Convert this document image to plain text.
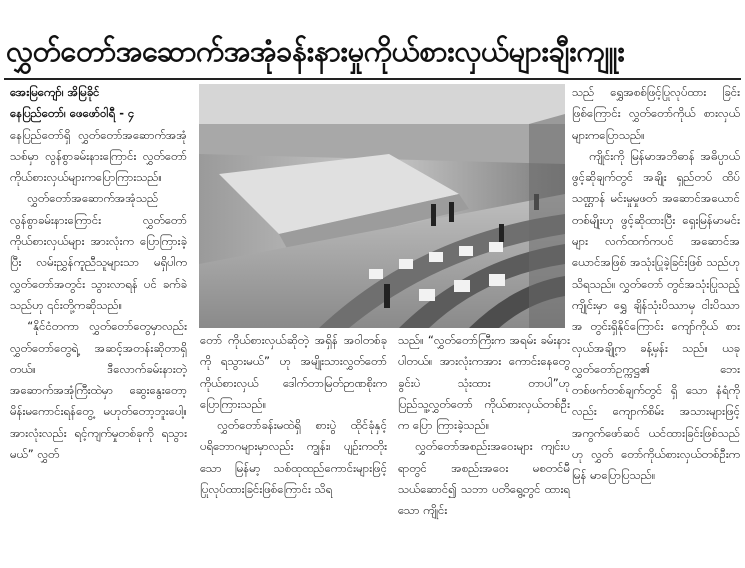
လွှတ်တော်အဆောက်အအုံခန်းနားမှုကိုယ်စားလှယ်များချီးကျူး

အေးမြကျော်၊ အိမြခိုင်

နေပြည်တော်၊ ဖေဖော်ဝါရီ - ၄

နေပြည်တော်ရှိ လွှတ်တော်အဆောက်အအုံသစ်မှာ လွန်စွာခမ်းနားကြောင်း လွှတ်တော်ကိုယ်စားလှယ်များကပြောကြားသည်။

လွှတ်တော်အဆောက်အအုံသည် လွန်စွာခမ်းနားကြောင်း လွှတ်တော်ကိုယ်စားလှယ်များ အားလုံးက ပြောကြားခဲ့ပြီး လမ်းညွှန်ကူညီသူများသာ မရှိပါက လွှတ်တော်အတွင်း သွားလာရန် ပင် ခက်ခဲသည်ဟု ၎င်းတို့ကဆိုသည်။

“နိုင်ငံတကာ လွှတ်တော်တွေမှာလည်း လွှတ်တော်တွေရဲ့ အဆင့်အတန်းဆိုတာရှိတယ်။ ဒီလောက်ခမ်းနားတဲ့ အဆောက်အအုံကြီးထဲမှာ ဆွေးနွေးတော့ မိန်းမကောင်းရန်တွေ့ မဟုတ်တော့ဘူးပေါ့။ အားလုံးလည်း ရင့်ကျက်မှုတစ်ခုကို ရသွားမယ်” လွှတ်

တော် ကိုယ်စားလှယ်ဆိုတဲ့ အရှိန် အဝါတစ်ခုကို ရသွားမယ်” ဟု အမျိုးသားလွှတ်တော် ကိုယ်စားလှယ် ဒေါက်တာမြတ်ဉာဏစိုးက ပြောကြားသည်။

လွှတ်တော်ခန်းမထဲရှိ စားပွဲ ထိုင်ခုံနှင့် ပရိဘောဂများမှာလည်း ကျွန်း၊ ပျဉ်းကတိုးသော မြန်မာ့ သစ်ထုထည်ကောင်းများဖြင့် ပြုလုပ်ထားခြင်းဖြစ်ကြောင်း သိရ

သည်။ “လွှတ်တော်ကြီးက အရမ်း ခမ်းနားပါတယ်။ အားလုံးကအား ကောင်းနေတွေခွင်းပဲ သုံးထား တာပါ”ဟု ပြည်သူ့လွှတ်တော် ကိုယ်စားလှယ်တစ်ဦးက ပြော ကြားခဲ့သည်။

လွှတ်တော်အစည်းအဝေးများ ကျင်းပရာတွင် အစည်းအဝေး မစတင်မီ သယ်ဆောင်၍ သဘာ ပတိရွေ့တွင် ထားရသော ကျိုင်း

သည် ရွှေအစစ်ဖြင့်ပြုလုပ်ထား ခြင်းဖြစ်ကြောင်း လွှတ်တော်ကိုယ် စားလှယ်များကပြောသည်။

ကျိုင်းကို မြန်မာအဘိဓာန် အဓိပ္ပာယ်ဖွင့်ဆိုချက်တွင် အချိုး ရှည်တပ် ထိပ်သဏ္ဌာန် မင်းမှုမှုဖတ် အဆောင်အယောင်တစ်မျိုးဟု ဖွင့်ဆိုထားပြီး ရှေးမြန်မာမင်းများ လက်ထက်ကပင် အဆောင်အ ယောင်အဖြစ် အသုံးပြုခဲ့ခြင်းဖြစ် သည်ဟုသိရသည်။ လွှတ်တော် တွင်အသုံးပြုသည့် ကျိုင်းမှာ ရွှေ ချိန်သုံးပိဿာမှ ငါးပိဿာအ တွင်းရှိနိုင်ကြောင်း ကျော်ကိုယ် စားလှယ်အချို့က ခန့်မှန်း သည်။ ယခုလွှတ်တော်ဥက္ကဋ္ဌ၏ ဘေးတစ်ဖက်တစ်ချက်တွင် ရှိ သော နံရံကိုလည်း ကျောက်စိမ်း အသားများဖြင့် အကွက်ဖော်ဆင် ယင်ထားခြင်းဖြစ်သည်ဟု လွှတ် တော်ကိုယ်စားလှယ်တစ်ဦးက မြန် မာပြောပြသည်။
